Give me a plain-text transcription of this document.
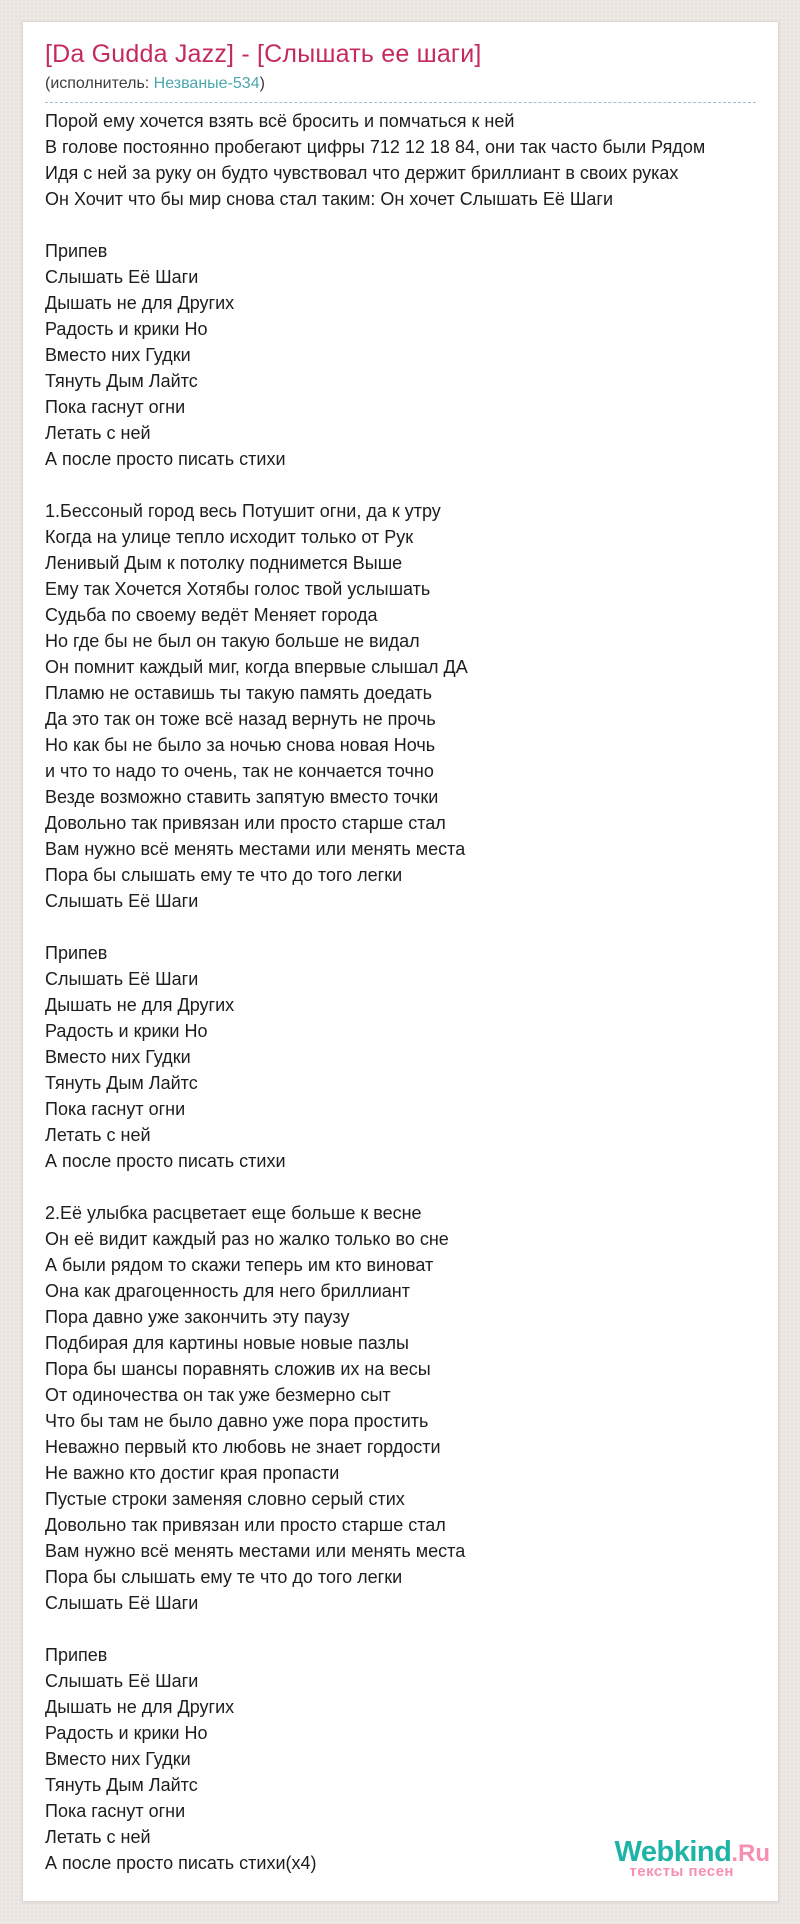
[Da Gudda Jazz] - [Слышать ее шаги]
(исполнитель: Незваные-534)
Порой ему хочется взять всё бросить и помчаться к ней
В голове постоянно пробегают цифры 712 12 18 84, они так часто были Рядом
Идя с ней за руку он будто чувствовал что держит бриллиант в своих руках
Он Хочит что бы мир снова стал таким: Он хочет Слышать Её Шаги
Припев
Слышать Её Шаги
Дышать не для Других
Радость и крики Но
Вместо них Гудки
Тянуть Дым Лайтс
Пока гаснут огни
Летать с ней
А после просто писать стихи
1.Бессоный город весь Потушит огни, да к утру
Когда на улице тепло исходит только от Рук
Ленивый Дым к потолку поднимется Выше
Ему так Хочется Хотябы голос твой услышать
Судьба по своему ведёт Меняет города
Но где бы не был он такую больше не видал
Он помнит каждый миг, когда впервые слышал ДА
Пламю не оставишь ты такую память доедать
Да это так он тоже всё назад вернуть не прочь
Но как бы не было за ночью снова новая Ночь
и что то надо то очень, так не кончается точно
Везде возможно ставить запятую вместо точки
Довольно так привязан или просто старше стал
Вам нужно всё менять местами или менять места
Пора бы слышать ему те что до того легки
Слышать Её Шаги
Припев
Слышать Её Шаги
Дышать не для Других
Радость и крики Но
Вместо них Гудки
Тянуть Дым Лайтс
Пока гаснут огни
Летать с ней
А после просто писать стихи
2.Её улыбка расцветает еще больше к весне
Он её видит каждый раз но жалко только во сне
А были рядом то скажи теперь им кто виноват
Она как драгоценность для него бриллиант
Пора давно уже закончить эту паузу
Подбирая для картины новые новые пазлы
Пора бы шансы поравнять сложив их на весы
От одиночества он так уже безмерно сыт
Что бы там не было давно уже пора простить
Неважно первый кто любовь не знает гордости
Не важно кто достиг края пропасти
Пустые строки заменяя словно серый стих
Довольно так привязан или просто старше стал
Вам нужно всё менять местами или менять места
Пора бы слышать ему те что до того легки
Слышать Её Шаги
Припев
Слышать Её Шаги
Дышать не для Других
Радость и крики Но
Вместо них Гудки
Тянуть Дым Лайтс
Пока гаснут огни
Летать с ней
А после просто писать стихи(x4)	Webkind.Ru
тексты песен
